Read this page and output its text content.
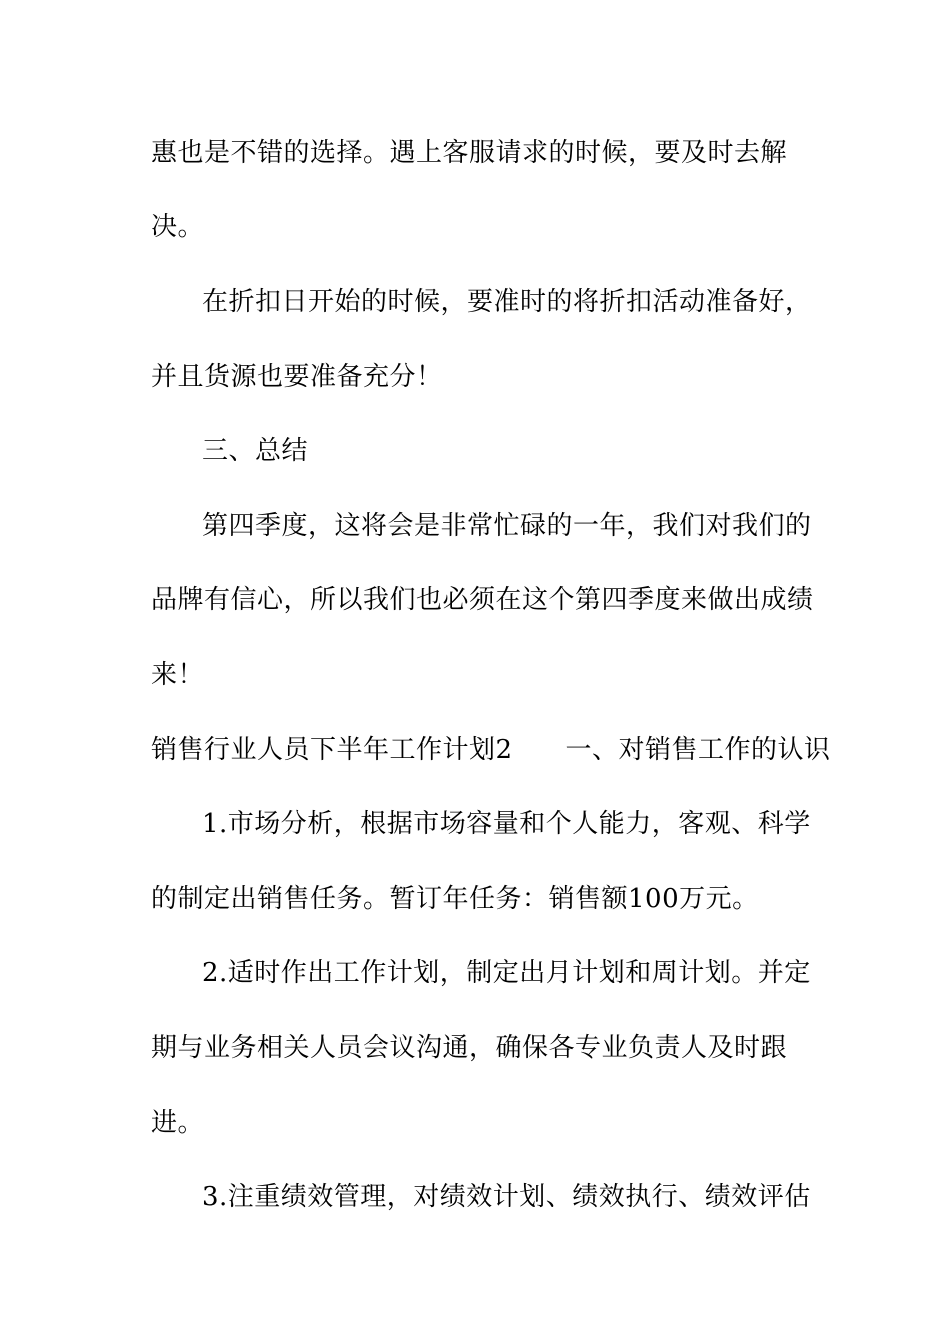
惠也是不错的选择。遇上客服请求的时候，要及时去解
决。
在折扣日开始的时候，要准时的将折扣活动准备好，
并且货源也要准备充分！
三、总结
第四季度，这将会是非常忙碌的一年，我们对我们的
品牌有信心，所以我们也必须在这个第四季度来做出成绩
来！
销售行业人员下半年工作计划2　　一、对销售工作的认识
1.市场分析，根据市场容量和个人能力，客观、科学
的制定出销售任务。暂订年任务：销售额100万元。
2.适时作出工作计划，制定出月计划和周计划。并定
期与业务相关人员会议沟通，确保各专业负责人及时跟
进。
3.注重绩效管理，对绩效计划、绩效执行、绩效评估
